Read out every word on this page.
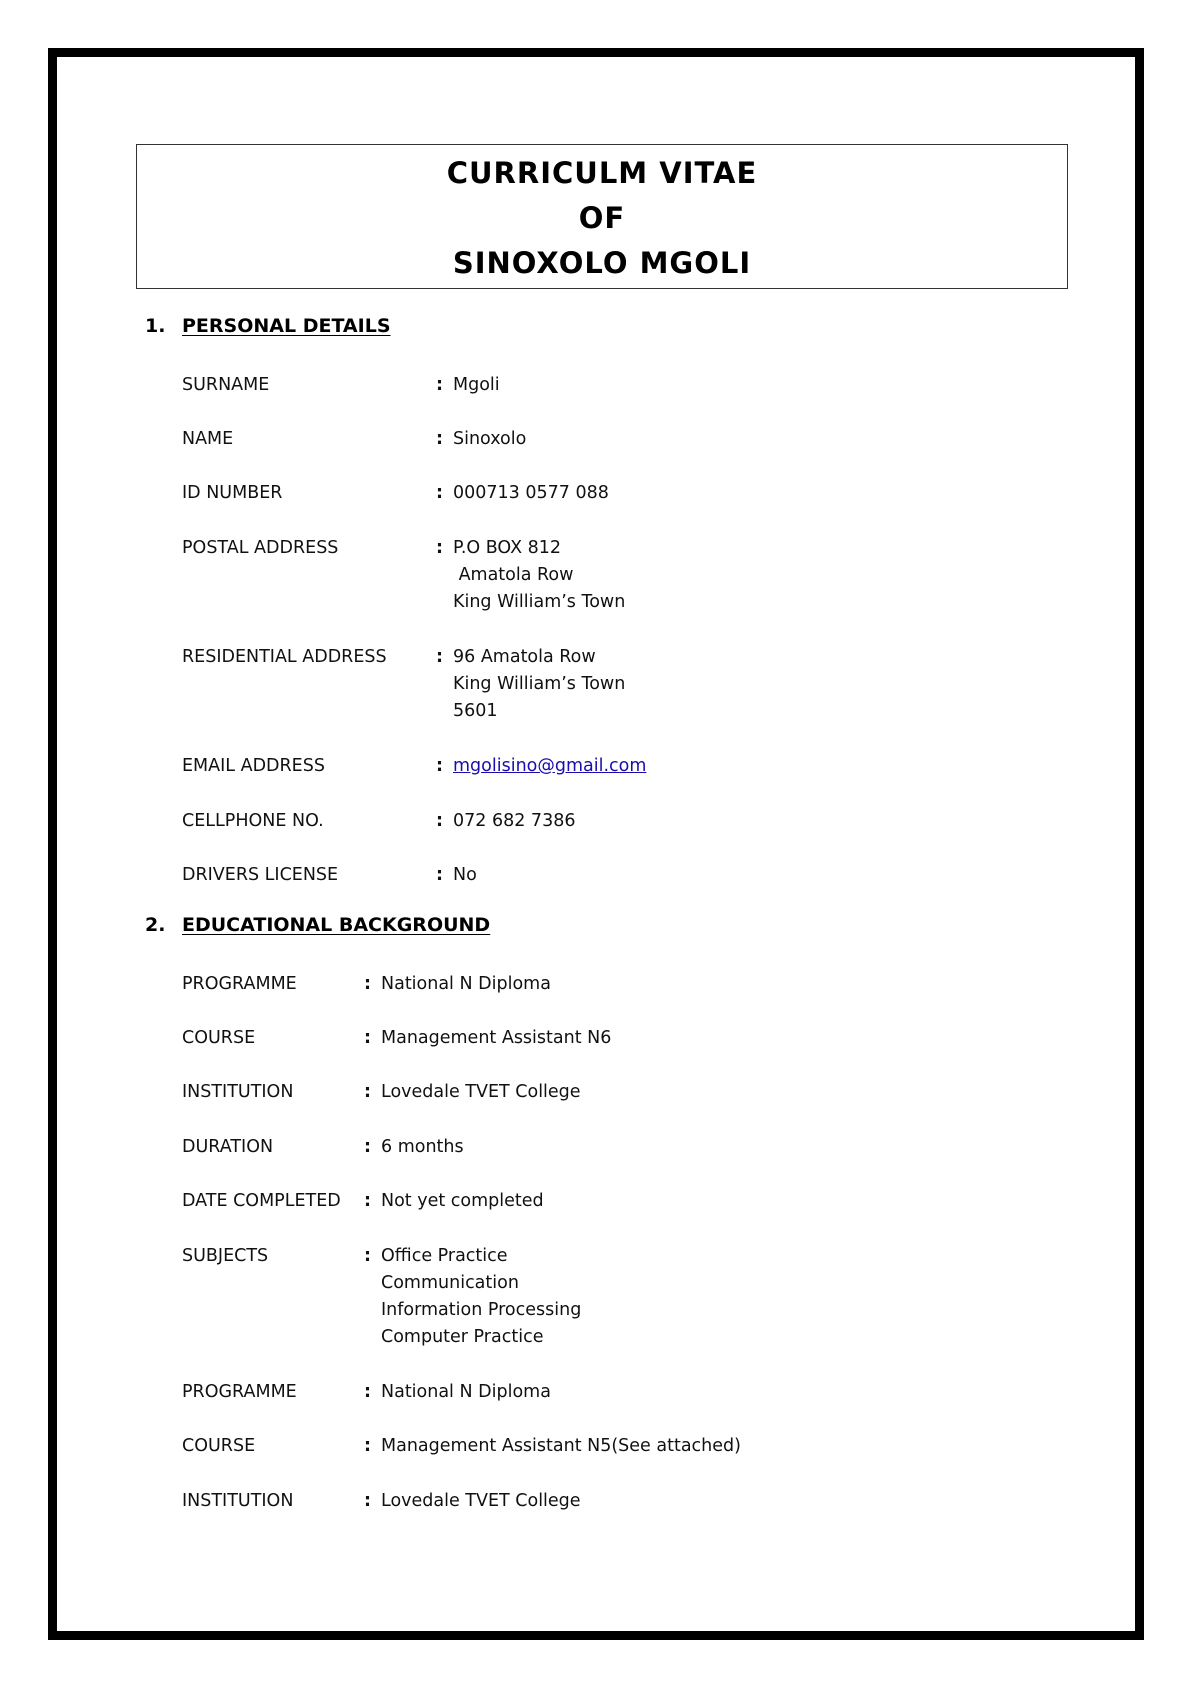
CURRICULM VITAE
OF
SINOXOLO MGOLI
1. PERSONAL DETAILS
SURNAME	: Mgoli
NAME	: Sinoxolo
ID NUMBER	: 000713 0577 088
POSTAL ADDRESS	: P.O BOX 812
Amatola Row
King William’s Town
RESIDENTIAL ADDRESS	: 96 Amatola Row
King William’s Town
5601
EMAIL ADDRESS	: mgolisino@gmail.com
CELLPHONE NO.	: 072 682 7386
DRIVERS LICENSE	: No
2. EDUCATIONAL BACKGROUND
PROGRAMME	: National N Diploma
COURSE	: Management Assistant N6
INSTITUTION	: Lovedale TVET College
DURATION	: 6 months
DATE COMPLETED : Not yet completed
SUBJECTS	: Office Practice
Communication
Information Processing
Computer Practice
PROGRAMME	: National N Diploma
COURSE	: Management Assistant N5(See attached)
INSTITUTION	: Lovedale TVET College
